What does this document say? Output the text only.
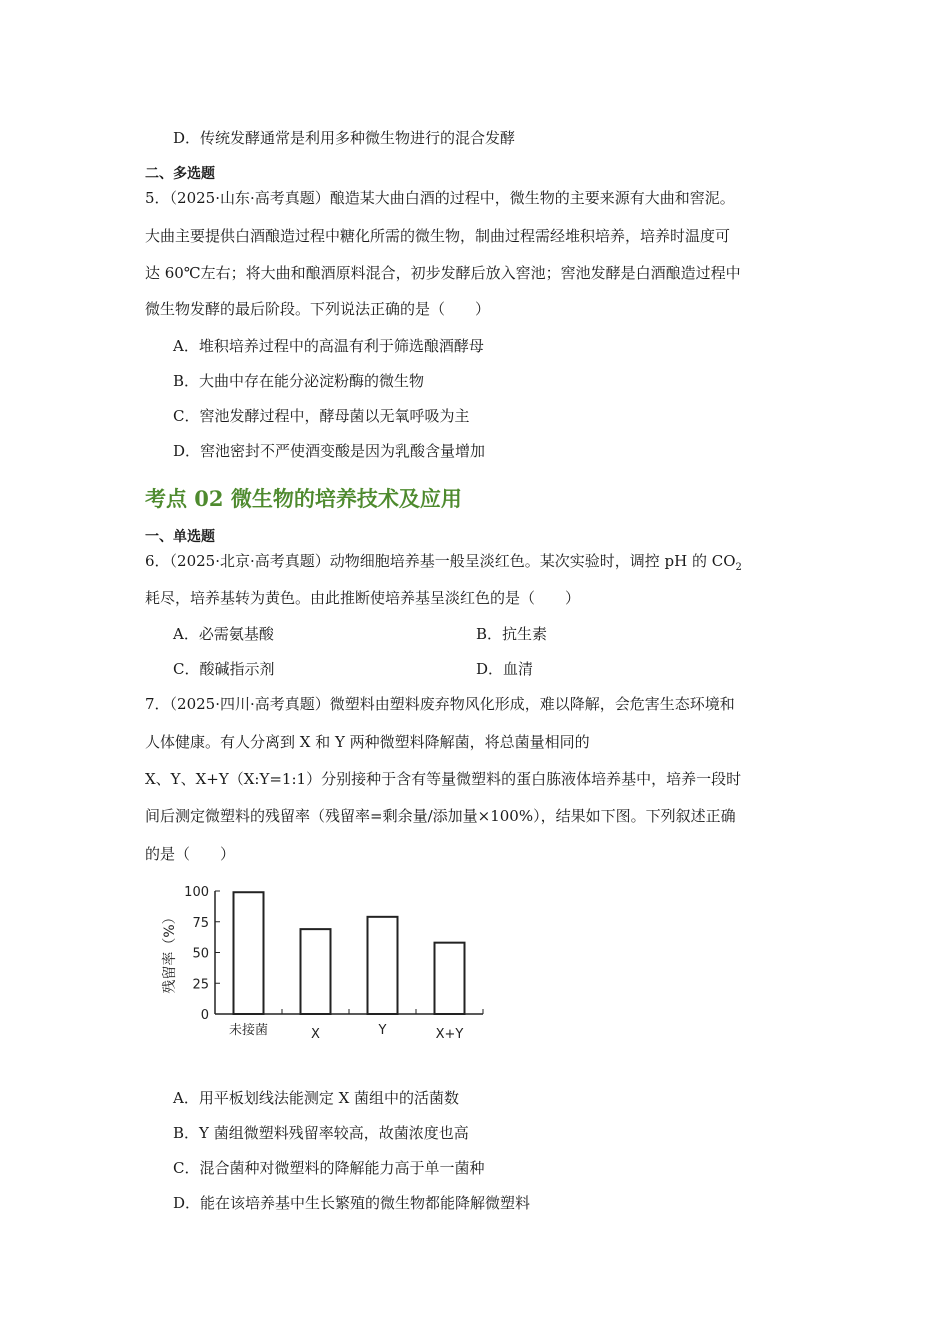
D．传统发酵通常是利用多种微生物进行的混合发酵
二、多选题
5．（2025·山东·高考真题）酿造某大曲白酒的过程中，微生物的主要来源有大曲和窖泥。
大曲主要提供白酒酿造过程中糖化所需的微生物，制曲过程需经堆积培养，培养时温度可
达 60℃左右；将大曲和酿酒原料混合，初步发酵后放入窖池；窖池发酵是白酒酿造过程中
微生物发酵的最后阶段。下列说法正确的是（　　）
A．堆积培养过程中的高温有利于筛选酿酒酵母
B．大曲中存在能分泌淀粉酶的微生物
C．窖池发酵过程中，酵母菌以无氧呼吸为主
D．窖池密封不严使酒变酸是因为乳酸含量增加
考点 02 微生物的培养技术及应用
一、单选题
6．（2025·北京·高考真题）动物细胞培养基一般呈淡红色。某次实验时，调控 pH 的 $CO_2$
耗尽，培养基转为黄色。由此推断使培养基呈淡红色的是（　　）
A．必需氨基酸	B．抗生素
C．酸碱指示剂	D．血清
7．（2025·四川·高考真题）微塑料由塑料废弃物风化形成，难以降解，会危害生态环境和
人体健康。有人分离到 X 和 Y 两种微塑料降解菌，将总菌量相同的
X、Y、X+Y（X:Y=1:1）分别接种于含有等量微塑料的蛋白胨液体培养基中，培养一段时
间后测定微塑料的残留率（残留率=剩余量/添加量×100%），结果如下图。下列叙述正确
的是（　　）
0
25
50
75
100
未接菌	X	Y	X+Y
残留率（%）
A．用平板划线法能测定 X 菌组中的活菌数
B．Y 菌组微塑料残留率较高，故菌浓度也高
C．混合菌种对微塑料的降解能力高于单一菌种
D．能在该培养基中生长繁殖的微生物都能降解微塑料
